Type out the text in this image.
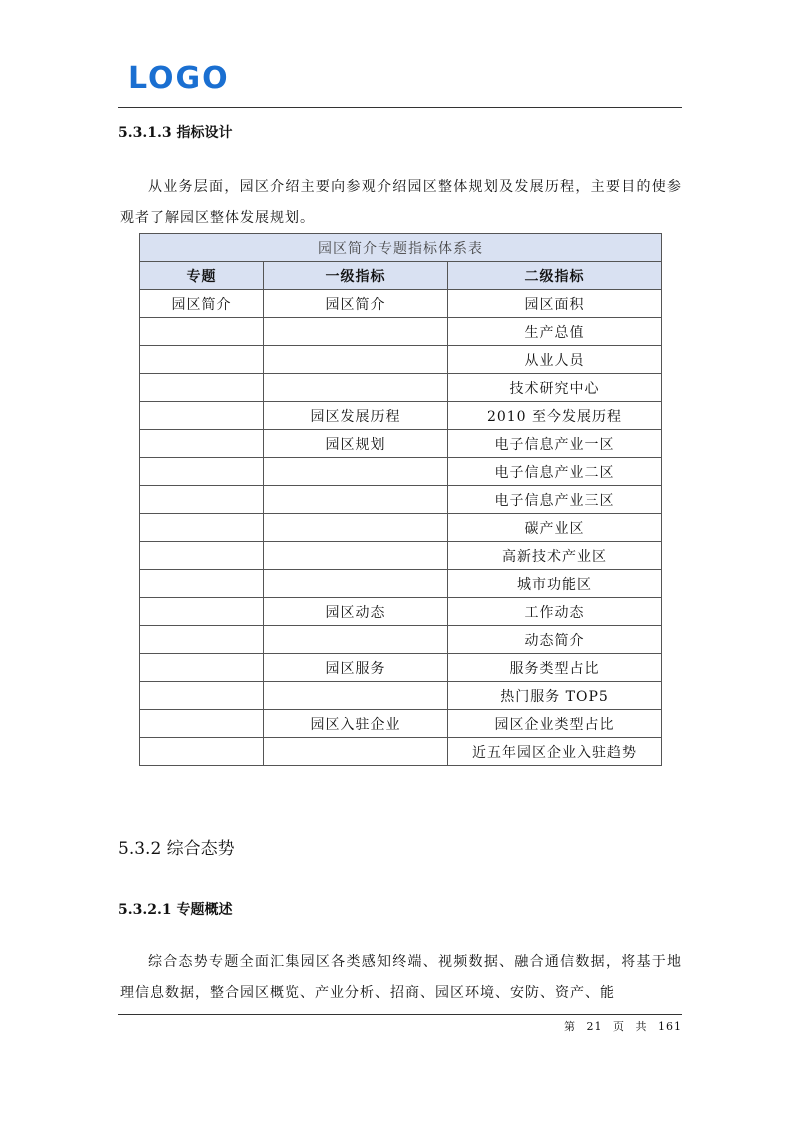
LOGO
5.3.1.3 指标设计
从业务层面，园区介绍主要向参观介绍园区整体规划及发展历程，主要目的使参观者了解园区整体发展规划。
园区简介专题指标体系表		
专题	一级指标	二级指标
园区简介	园区简介	园区面积
		生产总值
		从业人员
		技术研究中心
	园区发展历程	2010 至今发展历程
	园区规划	电子信息产业一区
		电子信息产业二区
		电子信息产业三区
		碳产业区
		高新技术产业区
		城市功能区
	园区动态	工作动态
		动态简介
	园区服务	服务类型占比
		热门服务 TOP5
	园区入驻企业	园区企业类型占比
		近五年园区企业入驻趋势
5.3.2 综合态势
5.3.2.1 专题概述
综合态势专题全面汇集园区各类感知终端、视频数据、融合通信数据，将基于地理信息数据，整合园区概览、产业分析、招商、园区环境、安防、资产、能
第 21 页 共 161
